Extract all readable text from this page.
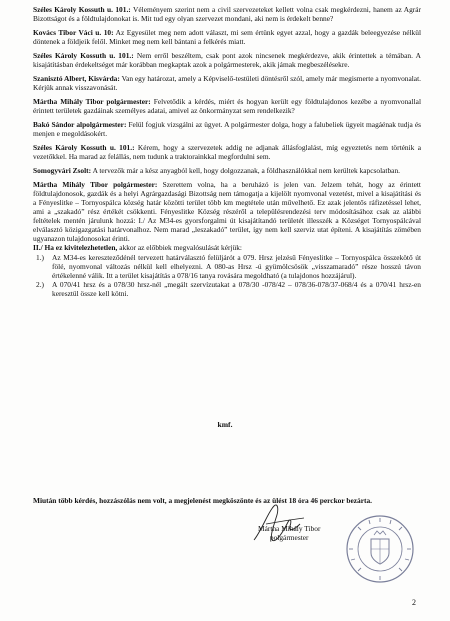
Széles Károly Kossuth u. 101.: Véleményem szerint nem a civil szervezeteket kellett volna csak megkérdezni, hanem az Agrár Bizottságot és a földtulajdonokat is. Mit tud egy olyan szervezet mondani, aki nem is érdekelt benne?

Kovács Tibor Váci u. 10: Az Egyesület meg nem adott választ, mi sem értünk egyet azzal, hogy a gazdák beleegyezése nélkül döntenek a földjeik felől. Minket meg nem kell bántani a felkérés miatt.

Széles Károly Kossuth u. 101.: Nem erről beszéltem, csak pont azok nincsenek megkérdezve, akik érintettek a témában. A kisajátításban érdekeltséget már korábban megkaptak azok a polgármesterek, akik jámak megbeszélésekre.

Szanisztó Albert, Kisvárda: Van egy határozat, amely a Képviselő-testületi döntésről szól, amely már megismerte a nyomvonalat. Kérjük annak visszavonását.

Mártha Mihály Tibor polgármester: Felvetődik a kérdés, miért és hogyan került egy földtulajdonos kezébe a nyomvonallal érintett területek gazdáinak személyes adatai, amivel az önkormányzat sem rendelkezik?

Bakó Sándor alpolgármester: Felül fogjuk vizsgálni az ügyet. A polgármester dolga, hogy a falubeliek ügyeit magáénak tudja és menjen e megoldásokért.

Széles Károly Kossuth u. 101.: Kérem, hogy a szervezetek addig ne adjanak állásfoglalást, míg egyeztetés nem történik a vezetőkkel. Ha marad az felállás, nem tudunk a traktorainkkal megfordulni sem.

Somogyvári Zsolt: A tervezők már a kész anyagból kell, hogy dolgozzanak, a földhasználókkal nem kerültek kapcsolatban.

Mártha Mihály Tibor polgármester: Szerettem volna, ha a beruházó is jelen van. Jelzem tehát, hogy az érintett földtulajdonosok, gazdák és a helyi Agrárgazdasági Bizottság nem támogatja a kijelölt nyomvonal vezetést, mivel a kisajátítási és a Fényeslitke – Tornyospálca község határ közötti terület több km megtétele után művelhető. Ez azak jelentős ráfizetéssel lehet, ami a „szakadó” rész értékét csökkenti. Fényeslitke Község részéről a településrendezési terv módosításához csak az alábbi feltételek mentén járulunk hozzá: I./ Az M34-es gyorsforgalmi út kisajátítandó területét illesszék a Községet Tornyospálcával elválasztó közigazgatási határvonalhoz. Nem marad „leszakadó” terület, így nem kell szerviz utat építeni. A kisajátítás zömében ugyanazon tulajdonosokat érinti.

II./ Ha ez kivitelezhetetlen, akkor az előbbiek megvalósulását kérjük:

1.)	Az M34-es kereszteződénél tervezett határválasztó felüljárót a 079. Hrsz jelzésű Fényeslitke – Tornyospálca összekötő út fölé, nyomvonal változás nélkül kell elhelyezni. A 080-as Hrsz -ú gyümölcsösök „visszamaradó” része hosszú távon értékelenné válik. Itt a terület kisajátítás a 078/16 tanya rovására megoldható (a tulajdonos hozzájárul).
2.)	A 070/41 hrsz és a 078/30 hrsz-nél „megált szervízutakat a 078/30 -078/42 – 078/36-078/37-068/4 és a 070/41 hrsz-en keresztül össze kell kötni.
kmf.
Miután több kérdés, hozzászólás nem volt, a megjelenést megköszönte és az ülést 18 óra 46 perckor bezárta.
Mártha Mihály Tibor
polgármester
2
